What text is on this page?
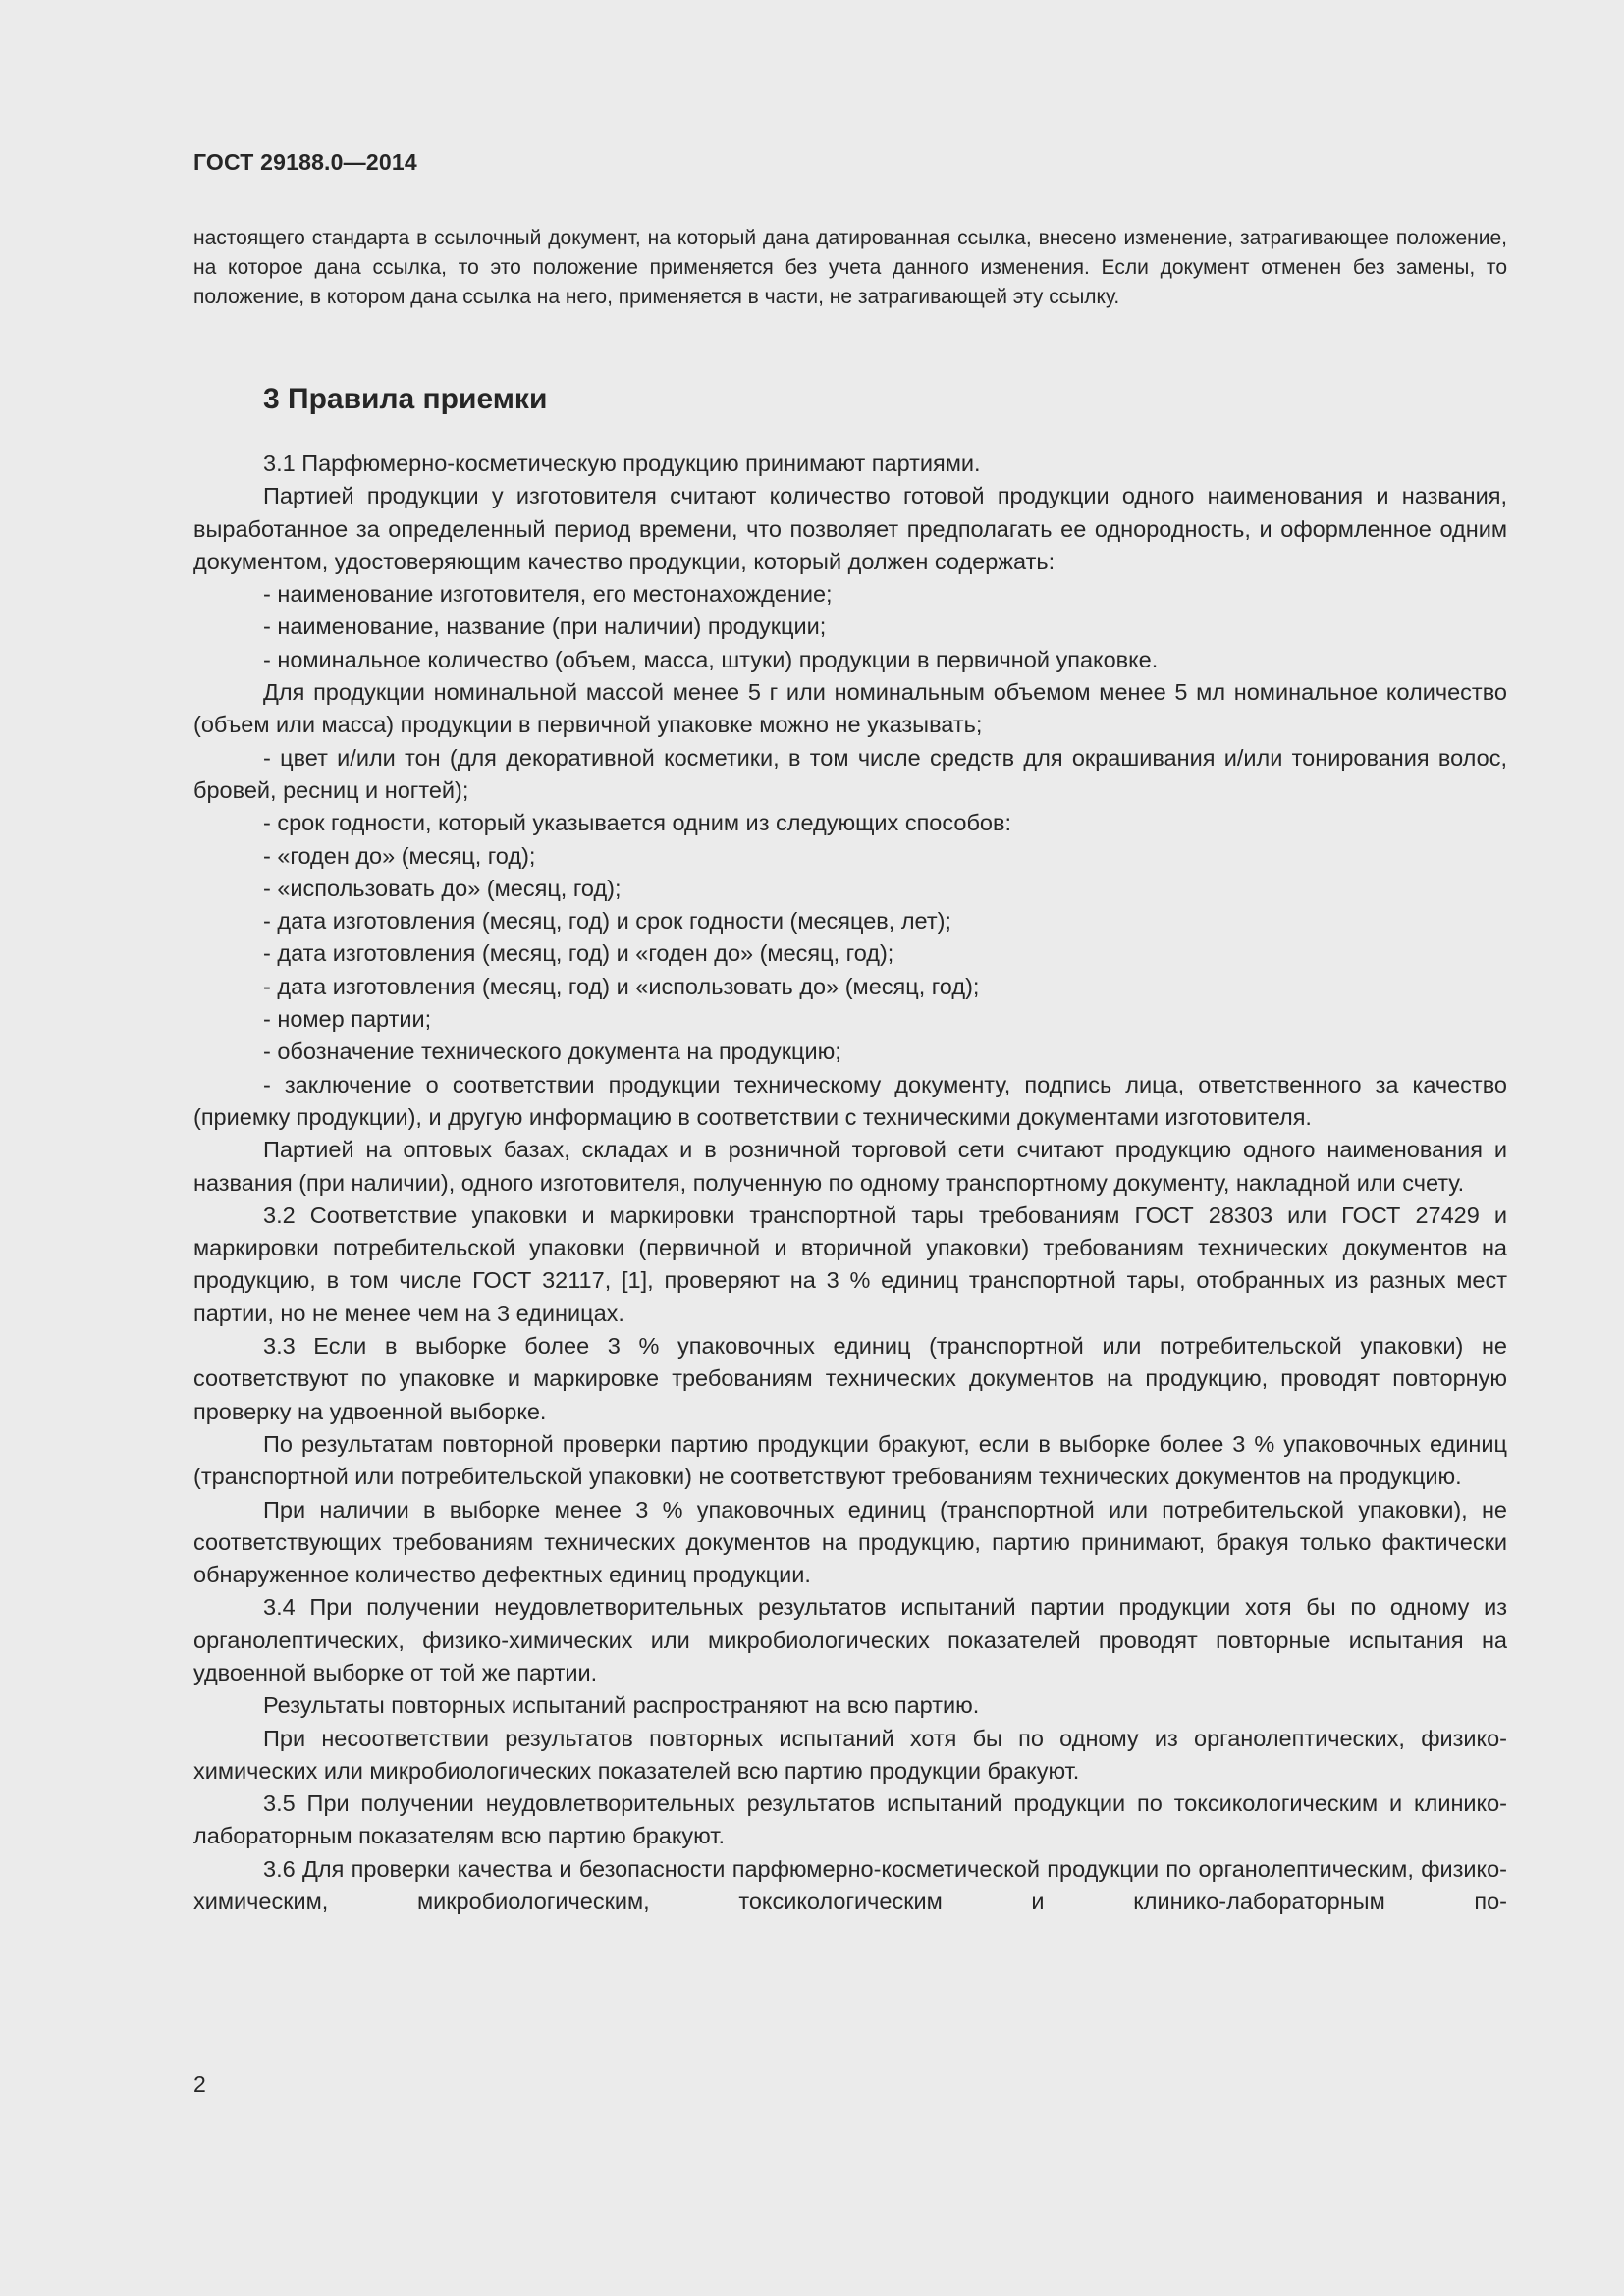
ГОСТ 29188.0—2014

настоящего стандарта в ссылочный документ, на который дана датированная ссылка, внесено изменение, затрагивающее положение, на которое дана ссылка, то это положение применяется без учета данного изменения. Если документ отменен без замены, то положение, в котором дана ссылка на него, применяется в части, не затрагивающей эту ссылку.

3 Правила приемки

3.1 Парфюмерно-косметическую продукцию принимают партиями.

Партией продукции у изготовителя считают количество готовой продукции одного наименования и названия, выработанное за определенный период времени, что позволяет предполагать ее однородность, и оформленное одним документом, удостоверяющим качество продукции, который должен содержать:

- наименование изготовителя, его местонахождение;

- наименование, название (при наличии) продукции;

- номинальное количество (объем, масса, штуки) продукции в первичной упаковке.

Для продукции номинальной массой менее 5 г или номинальным объемом менее 5 мл номинальное количество (объем или масса) продукции в первичной упаковке можно не указывать;

- цвет и/или тон (для декоративной косметики, в том числе средств для окрашивания и/или тонирования волос, бровей, ресниц и ногтей);

- срок годности, который указывается одним из следующих способов:

- «годен до» (месяц, год);

- «использовать до» (месяц, год);

- дата изготовления (месяц, год) и срок годности (месяцев, лет);

- дата изготовления (месяц, год) и «годен до» (месяц, год);

- дата изготовления (месяц, год) и «использовать до» (месяц, год);

- номер партии;

- обозначение технического документа на продукцию;

- заключение о соответствии продукции техническому документу, подпись лица, ответственного за качество (приемку продукции), и другую информацию в соответствии с техническими документами изготовителя.

Партией на оптовых базах, складах и в розничной торговой сети считают продукцию одного наименования и названия (при наличии), одного изготовителя, полученную по одному транспортному документу, накладной или счету.

3.2 Соответствие упаковки и маркировки транспортной тары требованиям ГОСТ 28303 или ГОСТ 27429 и маркировки потребительской упаковки (первичной и вторичной упаковки) требованиям технических документов на продукцию, в том числе ГОСТ 32117, [1], проверяют на 3 % единиц транспортной тары, отобранных из разных мест партии, но не менее чем на 3 единицах.

3.3 Если в выборке более 3 % упаковочных единиц (транспортной или потребительской упаковки) не соответствуют по упаковке и маркировке требованиям технических документов на продукцию, проводят повторную проверку на удвоенной выборке.

По результатам повторной проверки партию продукции бракуют, если в выборке более 3 % упаковочных единиц (транспортной или потребительской упаковки) не соответствуют требованиям технических документов на продукцию.

При наличии в выборке менее 3 % упаковочных единиц (транспортной или потребительской упаковки), не соответствующих требованиям технических документов на продукцию, партию принимают, бракуя только фактически обнаруженное количество дефектных единиц продукции.

3.4 При получении неудовлетворительных результатов испытаний партии продукции хотя бы по одному из органолептических, физико-химических или микробиологических показателей проводят повторные испытания на удвоенной выборке от той же партии.

Результаты повторных испытаний распространяют на всю партию.

При несоответствии результатов повторных испытаний хотя бы по одному из органолептических, физико-химических или микробиологических показателей всю партию продукции бракуют.

3.5 При получении неудовлетворительных результатов испытаний продукции по токсикологическим и клинико-лабораторным показателям всю партию бракуют.

3.6 Для проверки качества и безопасности парфюмерно-косметической продукции по органолептическим, физико-химическим, микробиологическим, токсикологическим и клинико-лабораторным по-

2
